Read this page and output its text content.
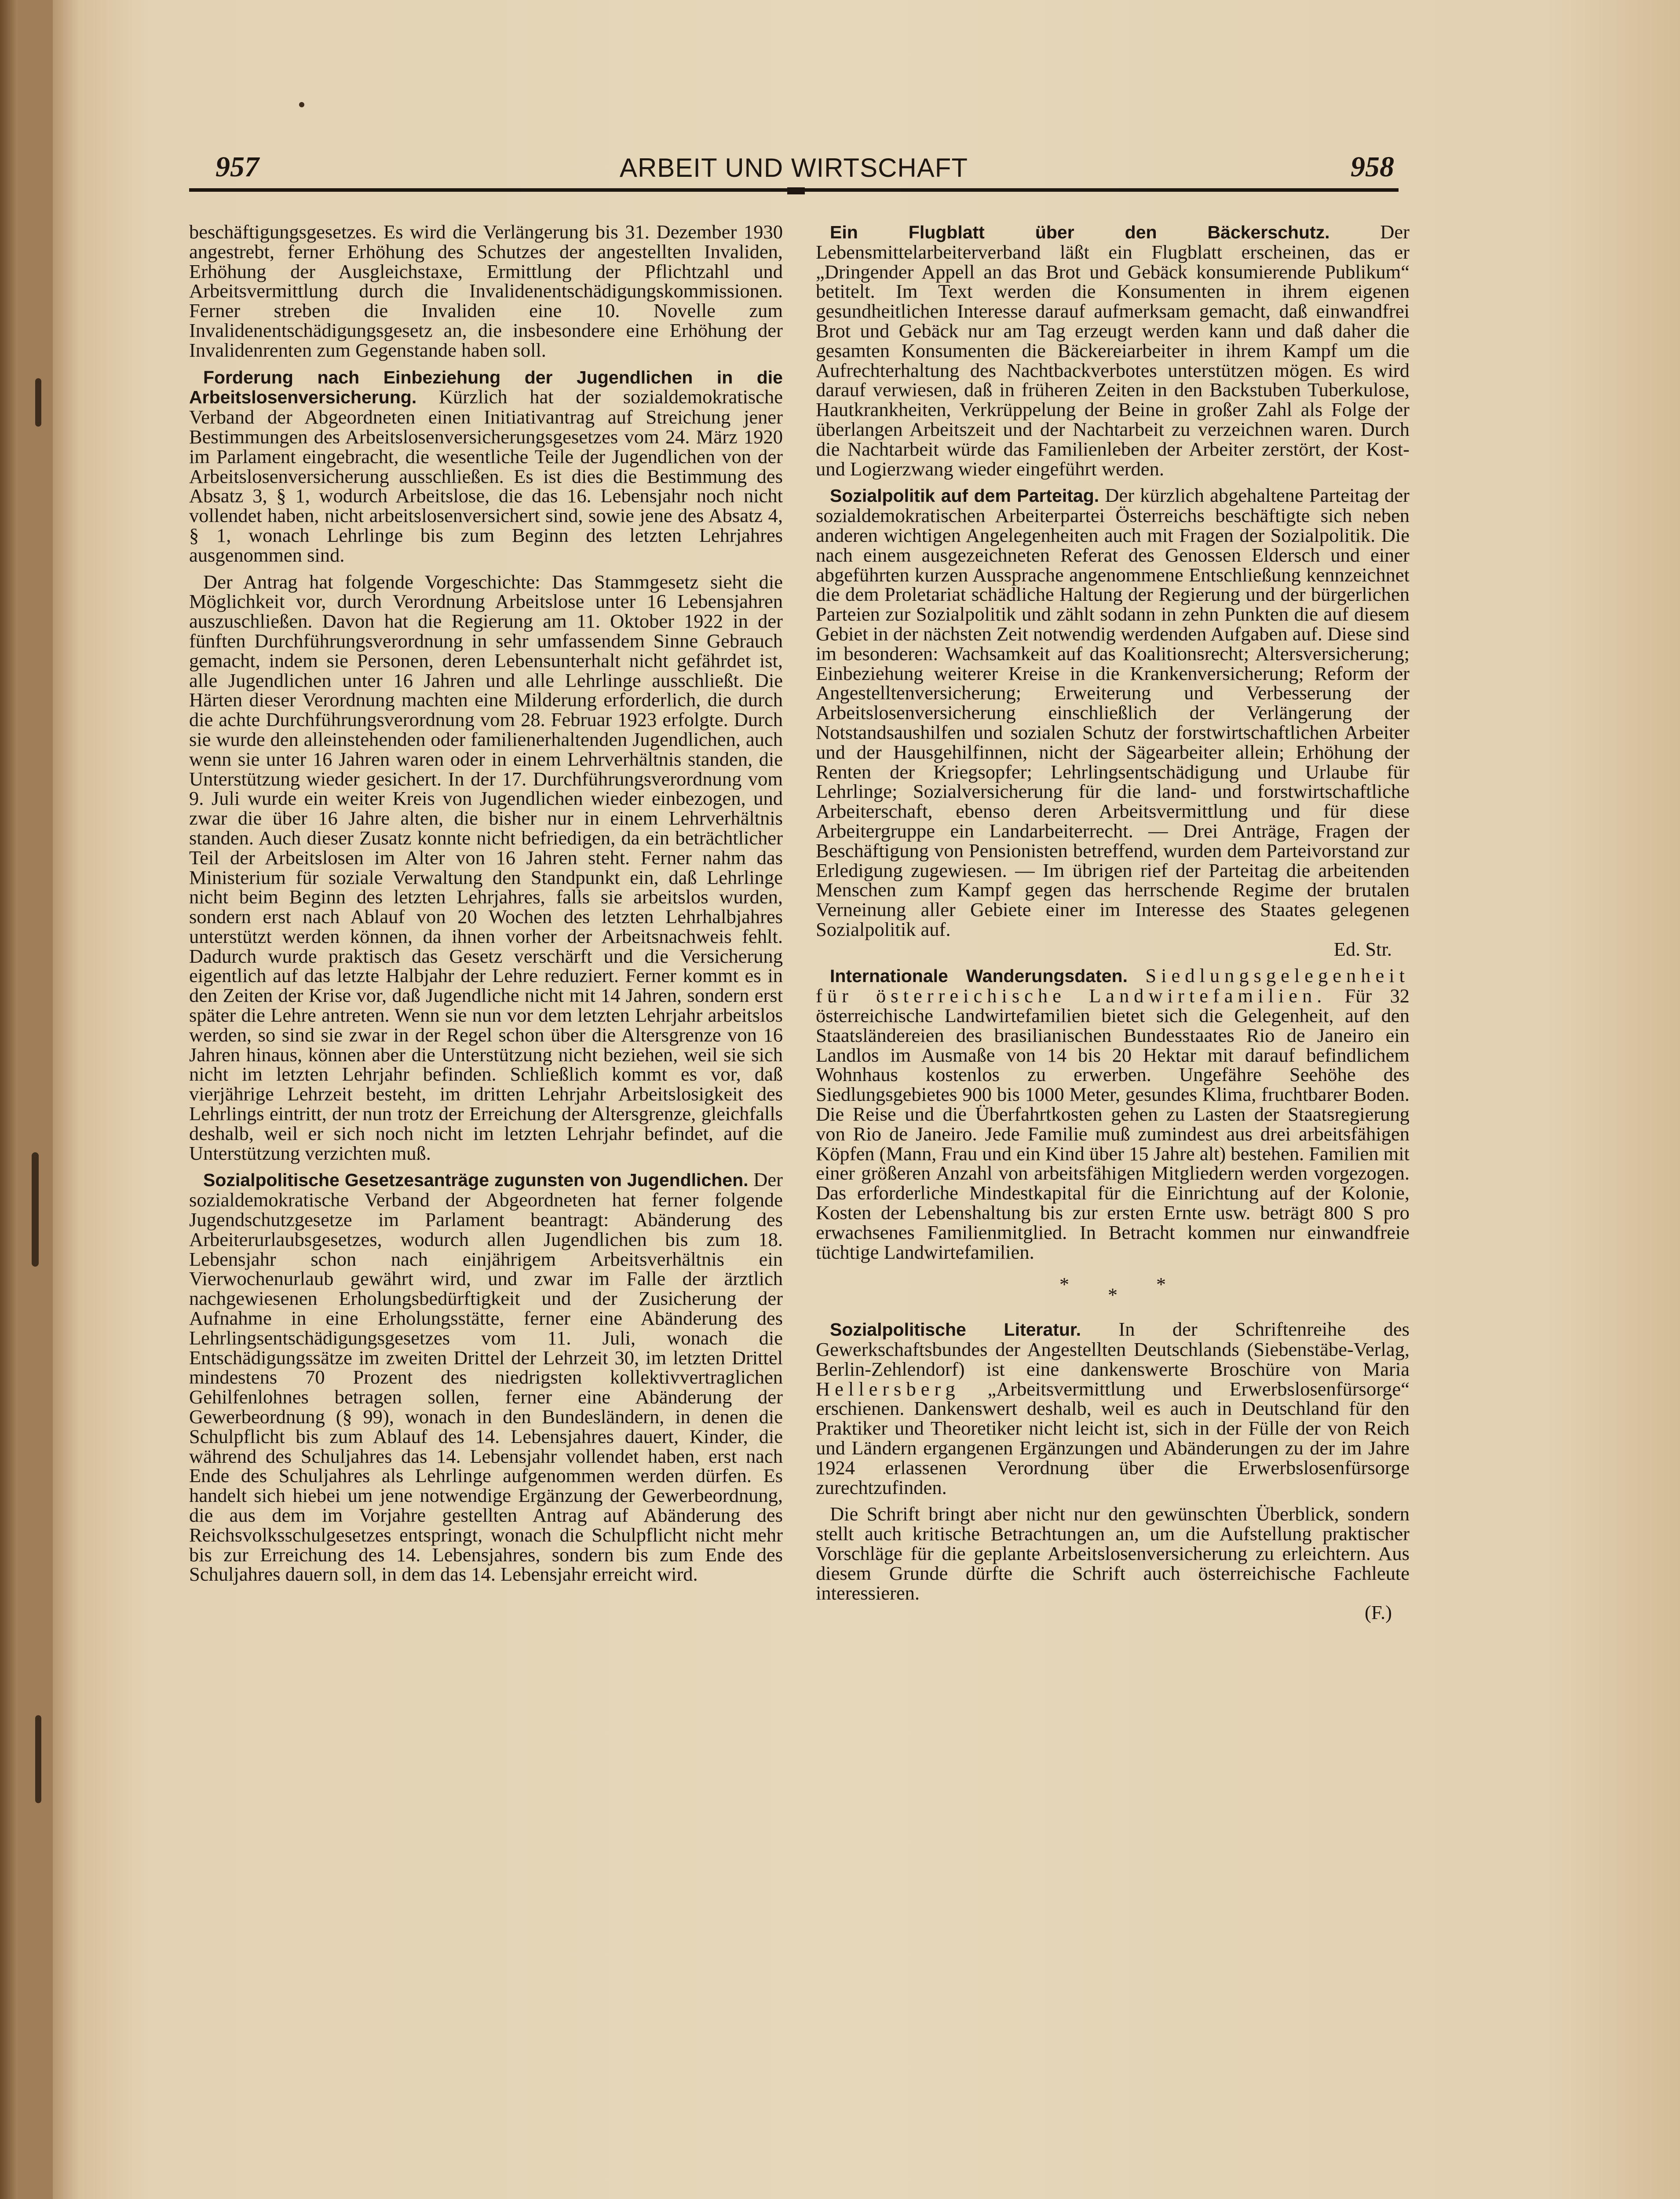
957	ARBEIT UND WIRTSCHAFT	958

beschäftigungsgesetzes. Es wird die Verlängerung bis 31. Dezember 1930 angestrebt, ferner Erhöhung des Schutzes der angestellten Invaliden, Erhöhung der Ausgleichstaxe, Ermittlung der Pflichtzahl und Arbeitsvermittlung durch die Invalidenentschädigungskommissionen. Ferner streben die Invaliden eine 10. Novelle zum Invalidenentschädigungsgesetz an, die insbesondere eine Erhöhung der Invalidenrenten zum Gegenstande haben soll.

Forderung nach Einbeziehung der Jugendlichen in die Arbeitslosenversicherung. Kürzlich hat der sozialdemokratische Verband der Abgeordneten einen Initiativantrag auf Streichung jener Bestimmungen des Arbeitslosenversicherungsgesetzes vom 24. März 1920 im Parlament eingebracht, die wesentliche Teile der Jugendlichen von der Arbeitslosenversicherung ausschließen. Es ist dies die Bestimmung des Absatz 3, § 1, wodurch Arbeitslose, die das 16. Lebensjahr noch nicht vollendet haben, nicht arbeitslosenversichert sind, sowie jene des Absatz 4, § 1, wonach Lehrlinge bis zum Beginn des letzten Lehrjahres ausgenommen sind.

Der Antrag hat folgende Vorgeschichte: Das Stammgesetz sieht die Möglichkeit vor, durch Verordnung Arbeitslose unter 16 Lebensjahren auszuschließen. Davon hat die Regierung am 11. Oktober 1922 in der fünften Durchführungsverordnung in sehr umfassendem Sinne Gebrauch gemacht, indem sie Personen, deren Lebensunterhalt nicht gefährdet ist, alle Jugendlichen unter 16 Jahren und alle Lehrlinge ausschließt. Die Härten dieser Verordnung machten eine Milderung erforderlich, die durch die achte Durchführungsverordnung vom 28. Februar 1923 erfolgte. Durch sie wurde den alleinstehenden oder familienerhaltenden Jugendlichen, auch wenn sie unter 16 Jahren waren oder in einem Lehrverhältnis standen, die Unterstützung wieder gesichert. In der 17. Durchführungsverordnung vom 9. Juli wurde ein weiter Kreis von Jugendlichen wieder einbezogen, und zwar die über 16 Jahre alten, die bisher nur in einem Lehrverhältnis standen. Auch dieser Zusatz konnte nicht befriedigen, da ein beträchtlicher Teil der Arbeitslosen im Alter von 16 Jahren steht. Ferner nahm das Ministerium für soziale Verwaltung den Standpunkt ein, daß Lehrlinge nicht beim Beginn des letzten Lehrjahres, falls sie arbeitslos wurden, sondern erst nach Ablauf von 20 Wochen des letzten Lehrhalbjahres unterstützt werden können, da ihnen vorher der Arbeitsnachweis fehlt. Dadurch wurde praktisch das Gesetz verschärft und die Versicherung eigentlich auf das letzte Halbjahr der Lehre reduziert. Ferner kommt es in den Zeiten der Krise vor, daß Jugendliche nicht mit 14 Jahren, sondern erst später die Lehre antreten. Wenn sie nun vor dem letzten Lehrjahr arbeitslos werden, so sind sie zwar in der Regel schon über die Altersgrenze von 16 Jahren hinaus, können aber die Unterstützung nicht beziehen, weil sie sich nicht im letzten Lehrjahr befinden. Schließlich kommt es vor, daß vierjährige Lehrzeit besteht, im dritten Lehrjahr Arbeitslosigkeit des Lehrlings eintritt, der nun trotz der Erreichung der Altersgrenze, gleichfalls deshalb, weil er sich noch nicht im letzten Lehrjahr befindet, auf die Unterstützung verzichten muß.

Sozialpolitische Gesetzesanträge zugunsten von Jugendlichen. Der sozialdemokratische Verband der Abgeordneten hat ferner folgende Jugendschutzgesetze im Parlament beantragt: Abänderung des Arbeiterurlaubsgesetzes, wodurch allen Jugendlichen bis zum 18. Lebensjahr schon nach einjährigem Arbeitsverhältnis ein Vierwochenurlaub gewährt wird, und zwar im Falle der ärztlich nachgewiesenen Erholungsbedürftigkeit und der Zusicherung der Aufnahme in eine Erholungsstätte, ferner eine Abänderung des Lehrlingsentschädigungsgesetzes vom 11. Juli, wonach die Entschädigungssätze im zweiten Drittel der Lehrzeit 30, im letzten Drittel mindestens 70 Prozent des niedrigsten kollektivvertraglichen Gehilfenlohnes betragen sollen, ferner eine Abänderung der Gewerbeordnung (§ 99), wonach in den Bundesländern, in denen die Schulpflicht bis zum Ablauf des 14. Lebensjahres dauert, Kinder, die während des Schuljahres das 14. Lebensjahr vollendet haben, erst nach Ende des Schuljahres als Lehrlinge aufgenommen werden dürfen. Es handelt sich hiebei um jene notwendige Ergänzung der Gewerbeordnung, die aus dem im Vorjahre gestellten Antrag auf Abänderung des Reichsvolksschulgesetzes entspringt, wonach die Schulpflicht nicht mehr bis zur Erreichung des 14. Lebensjahres, sondern bis zum Ende des Schuljahres dauern soll, in dem das 14. Lebensjahr erreicht wird.

Ein Flugblatt über den Bäckerschutz.	Der Lebensmittelarbeiterverband läßt ein Flugblatt erscheinen, das er „Dringender Appell an das Brot und Gebäck konsumierende Publikum“ betitelt. Im Text werden die Konsumenten in ihrem eigenen gesundheitlichen Interesse darauf aufmerksam gemacht, daß einwandfrei Brot und Gebäck nur am Tag erzeugt werden kann und daß daher die gesamten Konsumenten die Bäckereiarbeiter in ihrem Kampf um die Aufrechterhaltung des Nachtbackverbotes unterstützen mögen. Es wird darauf verwiesen, daß in früheren Zeiten in den Backstuben Tuberkulose, Hautkrankheiten, Verkrüppelung der Beine in großer Zahl als Folge der überlangen Arbeitszeit und der Nachtarbeit zu verzeichnen waren. Durch die Nachtarbeit würde das Familienleben der Arbeiter zerstört, der Kost- und Logierzwang wieder eingeführt werden.

Sozialpolitik auf dem Parteitag. Der kürzlich abgehaltene Parteitag der sozialdemokratischen Arbeiterpartei Österreichs beschäftigte sich neben anderen wichtigen Angelegenheiten auch mit Fragen der Sozialpolitik. Die nach einem ausgezeichneten Referat des Genossen Eldersch und einer abgeführten kurzen Aussprache angenommene Entschließung kennzeichnet die dem Proletariat schädliche Haltung der Regierung und der bürgerlichen Parteien zur Sozialpolitik und zählt sodann in zehn Punkten die auf diesem Gebiet in der nächsten Zeit notwendig werdenden Aufgaben auf. Diese sind im besonderen: Wachsamkeit auf das Koalitionsrecht; Altersversicherung; Einbeziehung weiterer Kreise in die Krankenversicherung; Reform der Angestelltenversicherung; Erweiterung und Verbesserung der Arbeitslosenversicherung einschließlich der Verlängerung der Notstandsaushilfen und sozialen Schutz der forstwirtschaftlichen Arbeiter und der Hausgehilfinnen, nicht der Sägearbeiter allein; Erhöhung der Renten der Kriegsopfer; Lehrlingsentschädigung und Urlaube für Lehrlinge; Sozialversicherung für die land- und forstwirtschaftliche Arbeiterschaft, ebenso deren Arbeitsvermittlung und für diese Arbeitergruppe ein Landarbeiterrecht. — Drei Anträge, Fragen der Beschäftigung von Pensionisten betreffend, wurden dem Parteivorstand zur Erledigung zugewiesen. — Im übrigen rief der Parteitag die arbeitenden Menschen zum Kampf gegen das herrschende Regime der brutalen Verneinung aller Gebiete einer im Interesse des Staates gelegenen Sozialpolitik auf.

Ed. Str.

Internationale Wanderungsdaten. Siedlungsgelegenheit für österreichische Landwirtefamilien. Für 32 österreichische Landwirtefamilien bietet sich die Gelegenheit, auf den Staatsländereien des brasilianischen Bundesstaates Rio de Janeiro ein Landlos im Ausmaße von 14 bis 20 Hektar mit darauf befindlichem Wohnhaus kostenlos zu erwerben. Ungefähre Seehöhe des Siedlungsgebietes 900 bis 1000 Meter, gesundes Klima, fruchtbarer Boden. Die Reise und die Überfahrtkosten gehen zu Lasten der Staatsregierung von Rio de Janeiro. Jede Familie muß zumindest aus drei arbeitsfähigen Köpfen (Mann, Frau und ein Kind über 15 Jahre alt) bestehen. Familien mit einer größeren Anzahl von arbeitsfähigen Mitgliedern werden vorgezogen. Das erforderliche Mindestkapital für die Einrichtung auf der Kolonie, Kosten der Lebenshaltung bis zur ersten Ernte usw. beträgt 800 S pro erwachsenes Familienmitglied. In Betracht kommen nur einwandfreie tüchtige Landwirtefamilien.

* * *

Sozialpolitische Literatur. In der Schriftenreihe des Gewerkschaftsbundes der Angestellten Deutschlands (Siebenstäbe-Verlag, Berlin-Zehlendorf) ist eine dankenswerte Broschüre von Maria Hellersberg „Arbeitsvermittlung und Erwerbslosenfürsorge“ erschienen. Dankenswert deshalb, weil es auch in Deutschland für den Praktiker und Theoretiker nicht leicht ist, sich in der Fülle der von Reich und Ländern ergangenen Ergänzungen und Abänderungen zu der im Jahre 1924 erlassenen Verordnung über die Erwerbslosenfürsorge zurechtzufinden.

Die Schrift bringt aber nicht nur den gewünschten Überblick, sondern stellt auch kritische Betrachtungen an, um die Aufstellung praktischer Vorschläge für die geplante Arbeitslosenversicherung zu erleichtern. Aus diesem Grunde dürfte die Schrift auch österreichische Fachleute interessieren.

(F.)
